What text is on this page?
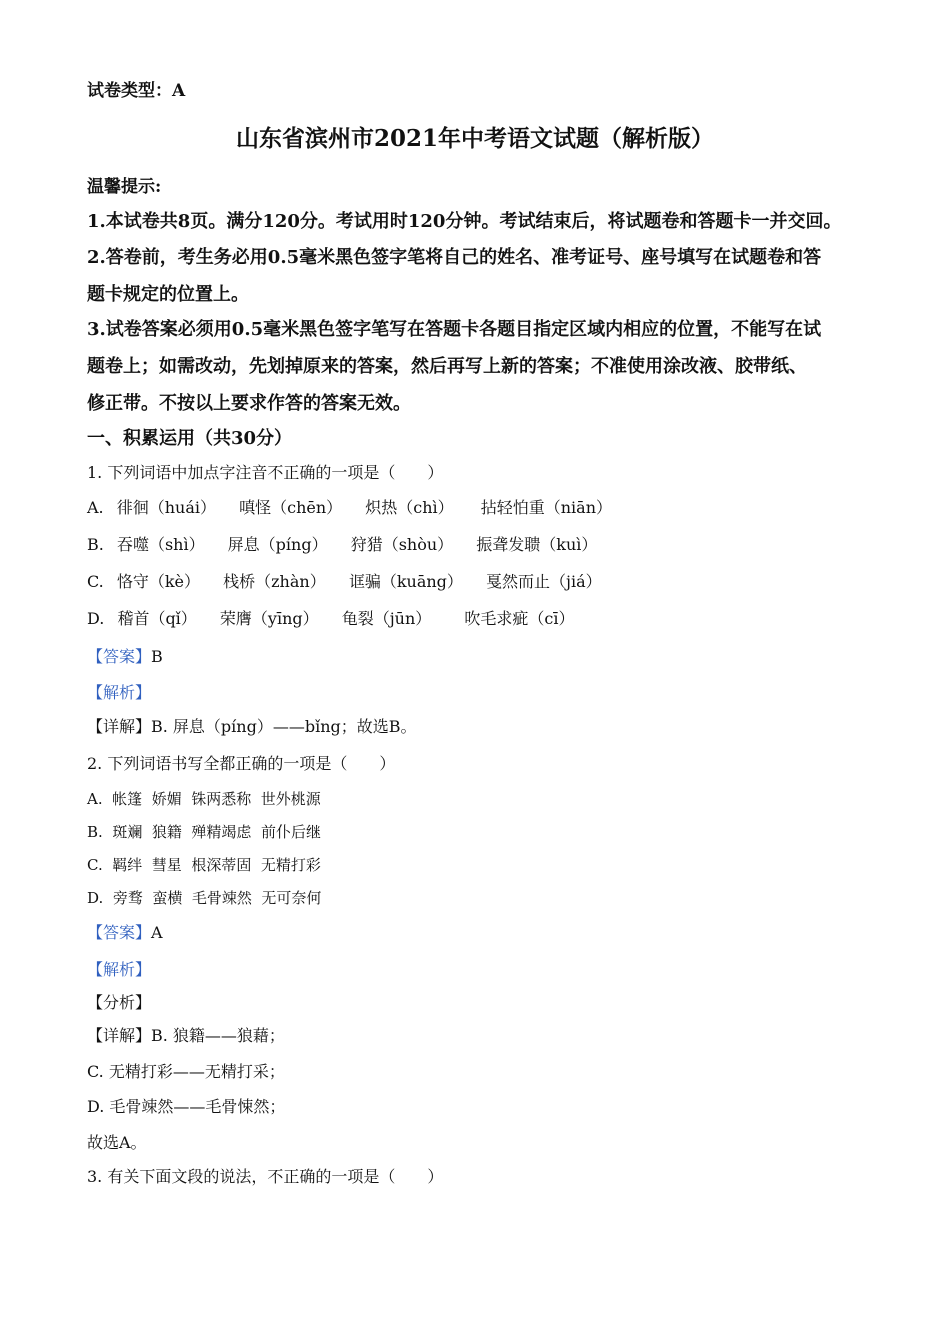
试卷类型：A
山东省滨州市2021年中考语文试题（解析版）
温馨提示:
1.本试卷共8页。满分120分。考试用时120分钟。考试结束后，将试题卷和答题卡一并交回。
2.答卷前，考生务必用0.5毫米黑色签字笔将自己的姓名、准考证号、座号填写在试题卷和答
题卡规定的位置上。
3.试卷答案必须用0.5毫米黑色签字笔写在答题卡各题目指定区域内相应的位置，不能写在试
题卷上；如需改动，先划掉原来的答案，然后再写上新的答案；不准使用涂改液、胶带纸、
修正带。不按以上要求作答的答案无效。
一、积累运用（共30分）
1. 下列词语中加点字注音不正确的一项是（　　）
A. 徘徊（huái） 嗔怪（chēn） 炽热（chì） 拈轻怕重（niān）
B. 吞噬（shì） 屏息（píng） 狩猎（shòu） 振聋发聩（kuì）
C. 恪守（kè） 栈桥（zhàn） 诓骗（kuāng） 戛然而止（jiá）
D. 稽首（qǐ） 荣膺（yīng） 龟裂（jūn） 吹毛求疵（cī）
【答案】B
【解析】
【详解】B. 屏息（píng）——bǐng；故选B。
2. 下列词语书写全都正确的一项是（　　）
A. 帐篷  娇媚  铢两悉称  世外桃源
B. 斑斓  狼籍  殚精竭虑  前仆后继
C. 羁绊  彗星  根深蒂固  无精打彩
D. 旁骛  蛮横  毛骨竦然  无可奈何
【答案】A
【解析】
【分析】
【详解】B. 狼籍——狼藉；
C. 无精打彩——无精打采；
D. 毛骨竦然——毛骨悚然；
故选A。
3. 有关下面文段的说法，不正确的一项是（　　）
